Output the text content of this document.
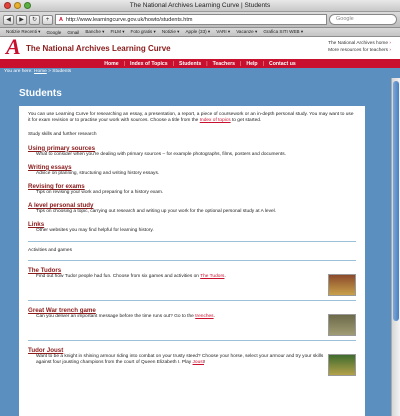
The National Archives Learning Curve | Students
◀	▶	↻	+	A http://www.learningcurve.gov.uk/howto/students.htm	Google
Notizie Recenti ▾ Google Gmail Banche ▾ FILM ▾ Foto gratis ▾ Notizie ▾ Apple (33) ▾ VARI ▾ Vacanze ▾ Grafica SITI WEB ▾
A The National Archives Learning Curve
The National Archives home ›
More resources for teachers ›
Home | Index of Topics | Students | Teachers | Help | Contact us
You are here: Home > Students
Students

You can use Learning Curve for researching an essay, a presentation, a report, a piece of coursework or an in-depth personal study. You may want to use it for exam revision or to practise your work with sources. Choose a title from the Index of topics to get started.

Study skills and further research
Using primary sources
What to consider when you're dealing with primary sources – for example photographs, films, posters and documents.
Writing essays
Advice on planning, structuring and writing history essays.
Revising for exams
Tips on revising your work and preparing for a history exam.
A level personal study
Tips on choosing a topic, carrying out research and writing up your work for the optional personal study at A level.
Links
Other websites you may find helpful for learning history.
Activities and games
The Tudors
Find out how Tudor people had fun. Choose from six games and activities on The Tudors.
Great War trench game
Can you deliver an important message before the time runs out? Go to the trenches.
Tudor Joust
Want to be a knight in shining armour riding into combat on your trusty steed? Choose your horse, select your armour and try your skills against four jousting champions from the court of Queen Elizabeth I. Play Joust!
